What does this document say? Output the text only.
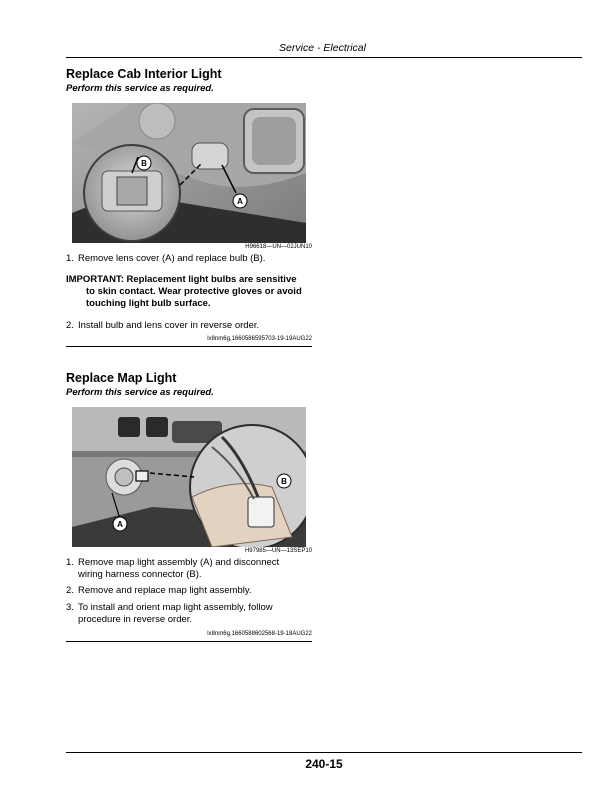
Service - Electrical
Replace Cab Interior Light
Perform this service as required.
B
A
H96618—UN—02JUN10
1. Remove lens cover (A) and replace bulb (B).
IMPORTANT: Replacement light bulbs are sensitive
to skin contact. Wear protective gloves or avoid
touching light bulb surface.
2. Install bulb and lens cover in reverse order.
lx8nm6g,1660586595703-19-19AUG22
Replace Map Light
Perform this service as required.
B
A
H97985—UN—13SEP10
1. Remove map light assembly (A) and disconnect
wiring harness connector (B).
2. Remove and replace map light assembly.
3. To install and orient map light assembly, follow
procedure in reverse order.
lx8nm6g,1660588602568-19-18AUG22
240-15
